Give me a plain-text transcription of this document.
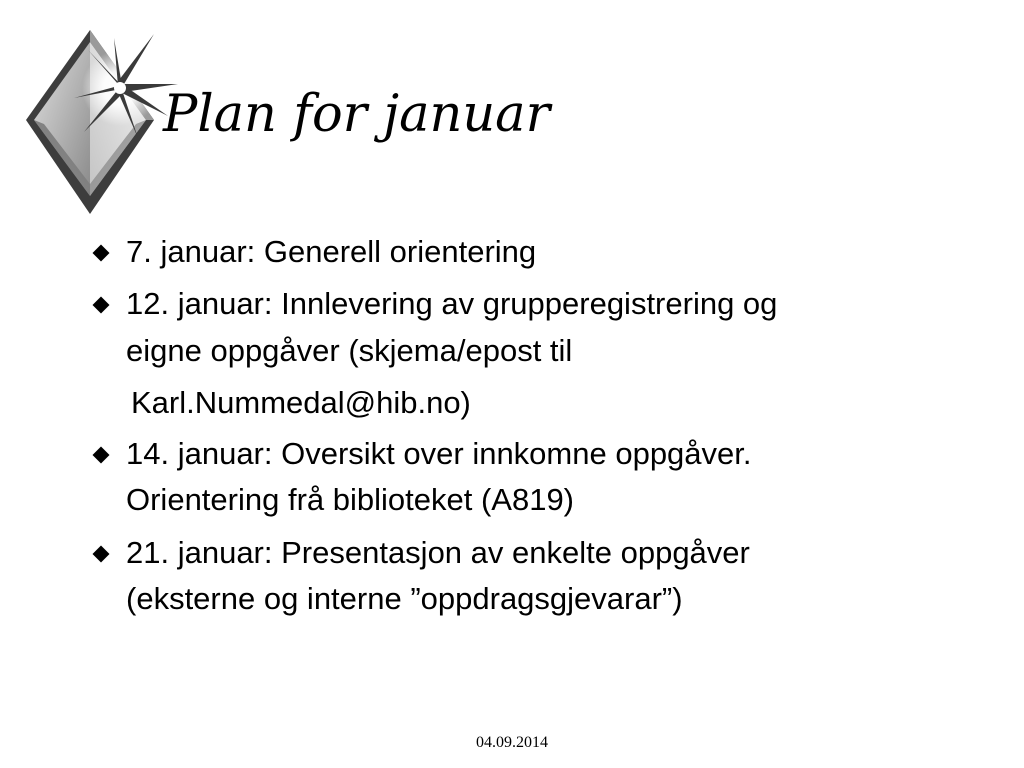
Plan for januar
7. januar: Generell orientering
12. januar: Innlevering av grupperegistrering og
eigne oppgåver (skjema/epost til
Karl.Nummedal@hib.no)
14. januar: Oversikt over innkomne oppgåver.
Orientering frå biblioteket (A819)
21. januar: Presentasjon av enkelte oppgåver
(eksterne og interne ”oppdragsgjevarar”)
04.09.2014
